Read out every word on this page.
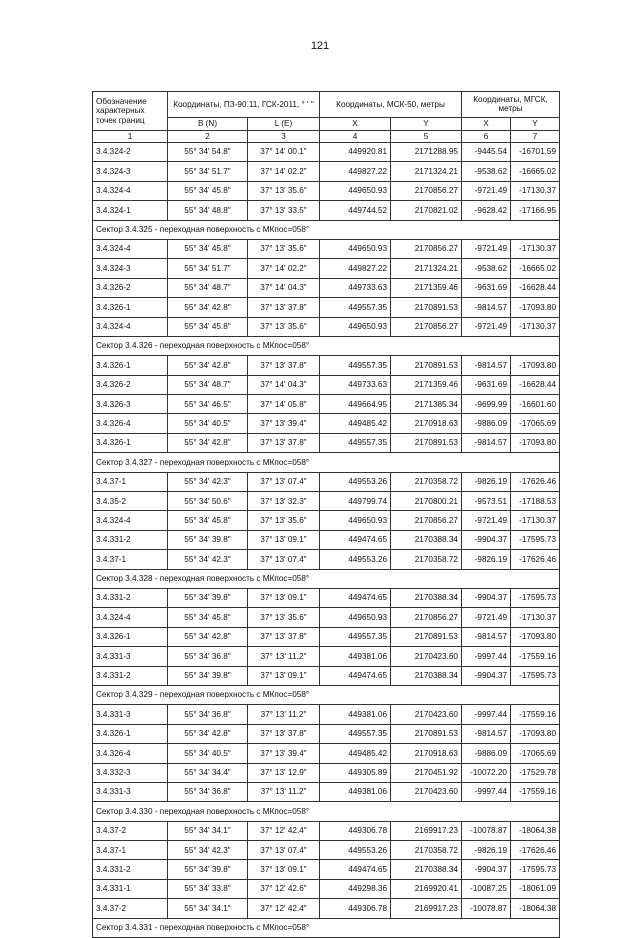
121
Обозначение характерных точек границ	Координаты, ПЗ-90.11, ГСК-2011, ° ' "		Координаты, МСК-50, метры		Координаты, МГСК, метры	
	B (N)	L (E)	X	Y	X	Y
1	2	3	4	5	6	7
3.4.324-2	55° 34' 54.8"	37° 14' 00.1"	449920.81	2171288.95	-9445.54	-16701.59
3.4.324-3	55° 34' 51.7"	37° 14' 02.2"	449827.22	2171324.21	-9538.62	-16665.02
3.4.324-4	55° 34' 45.8"	37° 13' 35.6"	449650.93	2170856.27	-9721.49	-17130.37
3.4.324-1	55° 34' 48.8"	37° 13' 33.5"	449744.52	2170821.02	-9628.42	-17166.95
Сектор 3.4.325 - переходная поверхность с МКпос=058°						
3.4.324-4	55° 34' 45.8"	37° 13' 35.6"	449650.93	2170856.27	-9721.49	-17130.37
3.4.324-3	55° 34' 51.7"	37° 14' 02.2"	449827.22	2171324.21	-9538.62	-16665.02
3.4.326-2	55° 34' 48.7"	37° 14' 04.3"	449733.63	2171359.46	-9631.69	-16628.44
3.4.326-1	55° 34' 42.8"	37° 13' 37.8"	449557.35	2170891.53	-9814.57	-17093.80
3.4.324-4	55° 34' 45.8"	37° 13' 35.6"	449650.93	2170856.27	-9721.49	-17130.37
Сектор 3.4.326 - переходная поверхность с МКпос=058°						
3.4.326-1	55° 34' 42.8"	37° 13' 37.8"	449557.35	2170891.53	-9814.57	-17093.80
3.4.326-2	55° 34' 48.7"	37° 14' 04.3"	449733.63	2171359.46	-9631.69	-16628.44
3.4.326-3	55° 34' 46.5"	37° 14' 05.8"	449664.95	2171385.34	-9699.99	-16601.60
3.4.326-4	55° 34' 40.5"	37° 13' 39.4"	449485.42	2170918.63	-9886.09	-17065.69
3.4.326-1	55° 34' 42.8"	37° 13' 37.8"	449557.35	2170891.53	-9814.57	-17093.80
Сектор 3.4.327 - переходная поверхность с МКпос=058°						
3.4.37-1	55° 34' 42.3"	37° 13' 07.4"	449553.26	2170358.72	-9826.19	-17626.46
3.4.35-2	55° 34' 50.6"	37° 13' 32.3"	449799.74	2170800.21	-9573.51	-17188.53
3.4.324-4	55° 34' 45.8"	37° 13' 35.6"	449650.93	2170856.27	-9721.49	-17130.37
3.4.331-2	55° 34' 39.8"	37° 13' 09.1"	449474.65	2170388.34	-9904.37	-17595.73
3.4.37-1	55° 34' 42.3"	37° 13' 07.4"	449553.26	2170358.72	-9826.19	-17626.46
Сектор 3.4.328 - переходная поверхность с МКпос=058°						
3.4.331-2	55° 34' 39.8"	37° 13' 09.1"	449474.65	2170388.34	-9904.37	-17595.73
3.4.324-4	55° 34' 45.8"	37° 13' 35.6"	449650.93	2170856.27	-9721.49	-17130.37
3.4.326-1	55° 34' 42.8"	37° 13' 37.8"	449557.35	2170891.53	-9814.57	-17093.80
3.4.331-3	55° 34' 36.8"	37° 13' 11.2"	449381.06	2170423.60	-9997.44	-17559.16
3.4.331-2	55° 34' 39.8"	37° 13' 09.1"	449474.65	2170388.34	-9904.37	-17595.73
Сектор 3.4.329 - переходная поверхность с МКпос=058°						
3.4.331-3	55° 34' 36.8"	37° 13' 11.2"	449381.06	2170423.60	-9997.44	-17559.16
3.4.326-1	55° 34' 42.8"	37° 13' 37.8"	449557.35	2170891.53	-9814.57	-17093.80
3.4.326-4	55° 34' 40.5"	37° 13' 39.4"	449485.42	2170918.63	-9886.09	-17065.69
3.4.332-3	55° 34' 34.4"	37° 13' 12.9"	449305.89	2170451.92	-10072.20	-17529.78
3.4.331-3	55° 34' 36.8"	37° 13' 11.2"	449381.06	2170423.60	-9997.44	-17559.16
Сектор 3.4.330 - переходная поверхность с МКпос=058°						
3.4.37-2	55° 34' 34.1"	37° 12' 42.4"	449306.78	2169917.23	-10078.87	-18064.38
3.4.37-1	55° 34' 42.3"	37° 13' 07.4"	449553.26	2170358.72	-9826.19	-17626.46
3.4.331-2	55° 34' 39.8"	37° 13' 09.1"	449474.65	2170388.34	-9904.37	-17595.73
3.4.331-1	55° 34' 33.8"	37° 12' 42.6"	449298.36	2169920.41	-10087.25	-18061.09
3.4.37-2	55° 34' 34.1"	37° 12' 42.4"	449306.78	2169917.23	-10078.87	-18064.38
Сектор 3.4.331 - переходная поверхность с МКпос=058°						
